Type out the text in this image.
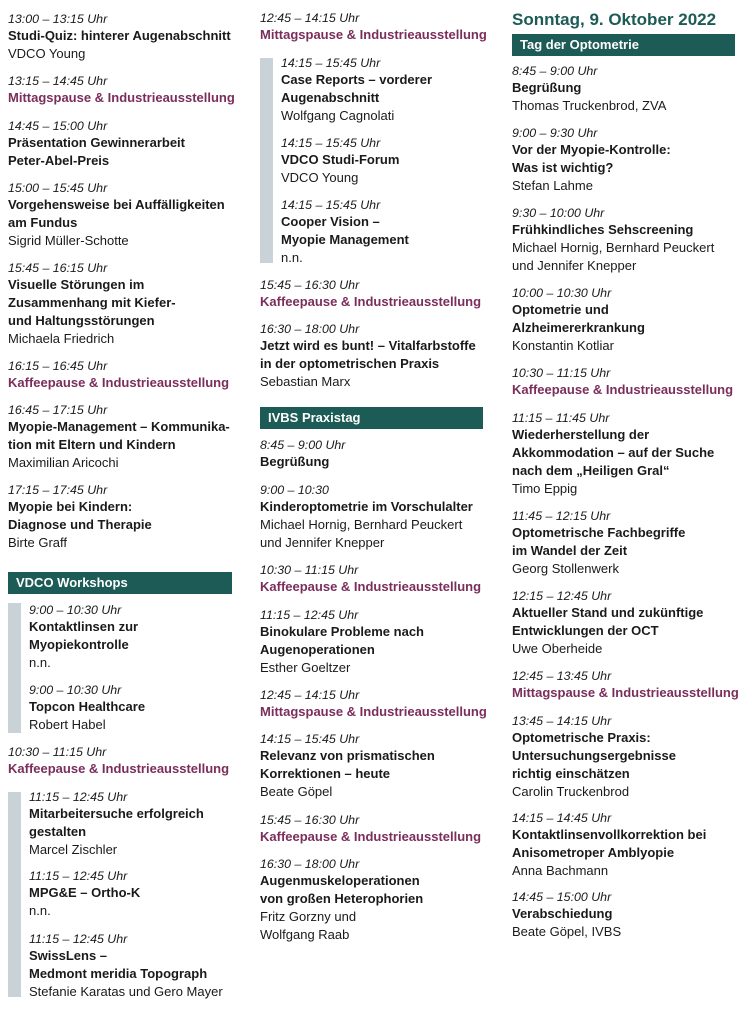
13:00 – 13:15 Uhr
Studi-Quiz: hinterer Augenabschnitt
VDCO Young
13:15 – 14:45 Uhr
Mittagspause & Industrieausstellung
14:45 – 15:00 Uhr
Präsentation Gewinnerarbeit
Peter-Abel-Preis
15:00 – 15:45 Uhr
Vorgehensweise bei Auffälligkeiten
am Fundus
Sigrid Müller-Schotte
15:45 – 16:15 Uhr
Visuelle Störungen im
Zusammenhang mit Kiefer-
und Haltungsstörungen
Michaela Friedrich
16:15 – 16:45 Uhr
Kaffeepause & Industrieausstellung
16:45 – 17:15 Uhr
Myopie-Management – Kommunika-
tion mit Eltern und Kindern
Maximilian Aricochi
17:15 – 17:45 Uhr
Myopie bei Kindern:
Diagnose und Therapie
Birte Graff
VDCO Workshops
9:00 – 10:30 Uhr
Kontaktlinsen zur
Myopiekontrolle
n.n.
9:00 – 10:30 Uhr
Topcon Healthcare
Robert Habel
10:30 – 11:15 Uhr
Kaffeepause & Industrieausstellung
11:15 – 12:45 Uhr
Mitarbeitersuche erfolgreich
gestalten
Marcel Zischler
11:15 – 12:45 Uhr
MPG&E – Ortho-K
n.n.
11:15 – 12:45 Uhr
SwissLens –
Medmont meridia Topograph
Stefanie Karatas und Gero Mayer
12:45 – 14:15 Uhr
Mittagspause & Industrieausstellung
14:15 – 15:45 Uhr
Case Reports – vorderer
Augenabschnitt
Wolfgang Cagnolati
14:15 – 15:45 Uhr
VDCO Studi-Forum
VDCO Young
14:15 – 15:45 Uhr
Cooper Vision –
Myopie Management
n.n.
15:45 – 16:30 Uhr
Kaffeepause & Industrieausstellung
16:30 – 18:00 Uhr
Jetzt wird es bunt! – Vitalfarbstoffe
in der optometrischen Praxis
Sebastian Marx
IVBS Praxistag
8:45 – 9:00 Uhr
Begrüßung
9:00 – 10:30
Kinderoptometrie im Vorschulalter
Michael Hornig, Bernhard Peuckert
und Jennifer Knepper
10:30 – 11:15 Uhr
Kaffeepause & Industrieausstellung
11:15 – 12:45 Uhr
Binokulare Probleme nach
Augenoperationen
Esther Goeltzer
12:45 – 14:15 Uhr
Mittagspause & Industrieausstellung
14:15 – 15:45 Uhr
Relevanz von prismatischen
Korrektionen – heute
Beate Göpel
15:45 – 16:30 Uhr
Kaffeepause & Industrieausstellung
16:30 – 18:00 Uhr
Augenmuskeloperationen
von großen Heterophorien
Fritz Gorzny und
Wolfgang Raab
Sonntag, 9. Oktober 2022
Tag der Optometrie
8:45 – 9:00 Uhr
Begrüßung
Thomas Truckenbrod, ZVA
9:00 – 9:30 Uhr
Vor der Myopie-Kontrolle:
Was ist wichtig?
Stefan Lahme
9:30 – 10:00 Uhr
Frühkindliches Sehscreening
Michael Hornig, Bernhard Peuckert
und Jennifer Knepper
10:00 – 10:30 Uhr
Optometrie und
Alzheimererkrankung
Konstantin Kotliar
10:30 – 11:15 Uhr
Kaffeepause & Industrieausstellung
11:15 – 11:45 Uhr
Wiederherstellung der
Akkommodation – auf der Suche
nach dem „Heiligen Gral“
Timo Eppig
11:45 – 12:15 Uhr
Optometrische Fachbegriffe
im Wandel der Zeit
Georg Stollenwerk
12:15 – 12:45 Uhr
Aktueller Stand und zukünftige
Entwicklungen der OCT
Uwe Oberheide
12:45 – 13:45 Uhr
Mittagspause & Industrieausstellung
13:45 – 14:15 Uhr
Optometrische Praxis:
Untersuchungsergebnisse
richtig einschätzen
Carolin Truckenbrod
14:15 – 14:45 Uhr
Kontaktlinsenvollkorrektion bei
Anisometroper Amblyopie
Anna Bachmann
14:45 – 15:00 Uhr
Verabschiedung
Beate Göpel, IVBS
